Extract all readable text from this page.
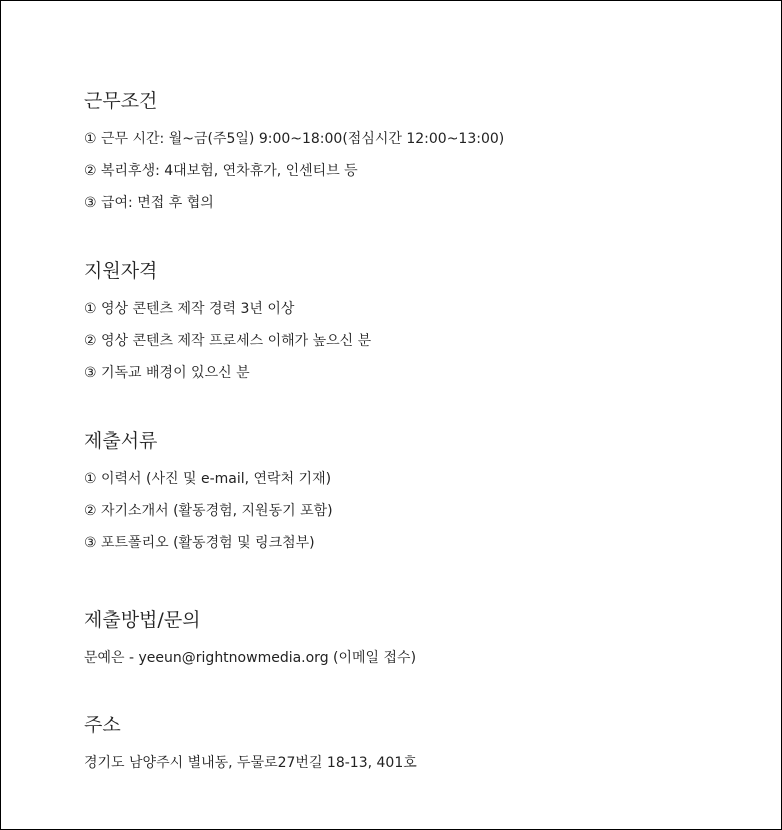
근무조건

① 근무 시간: 월~금(주5일) 9:00~18:00(점심시간 12:00~13:00)

② 복리후생: 4대보험, 연차휴가, 인센티브 등

③ 급여: 면접 후 협의

지원자격

① 영상 콘텐츠 제작 경력 3년 이상

② 영상 콘텐츠 제작 프로세스 이해가 높으신 분

③ 기독교 배경이 있으신 분

제출서류

① 이력서 (사진 및 e-mail, 연락처 기재)

② 자기소개서 (활동경험, 지원동기 포함)

③ 포트폴리오 (활동경험 및 링크첨부)

제출방법/문의

문예은 - yeeun@rightnowmedia.org (이메일 접수)

주소

경기도 남양주시 별내동, 두물로27번길 18-13, 401호
